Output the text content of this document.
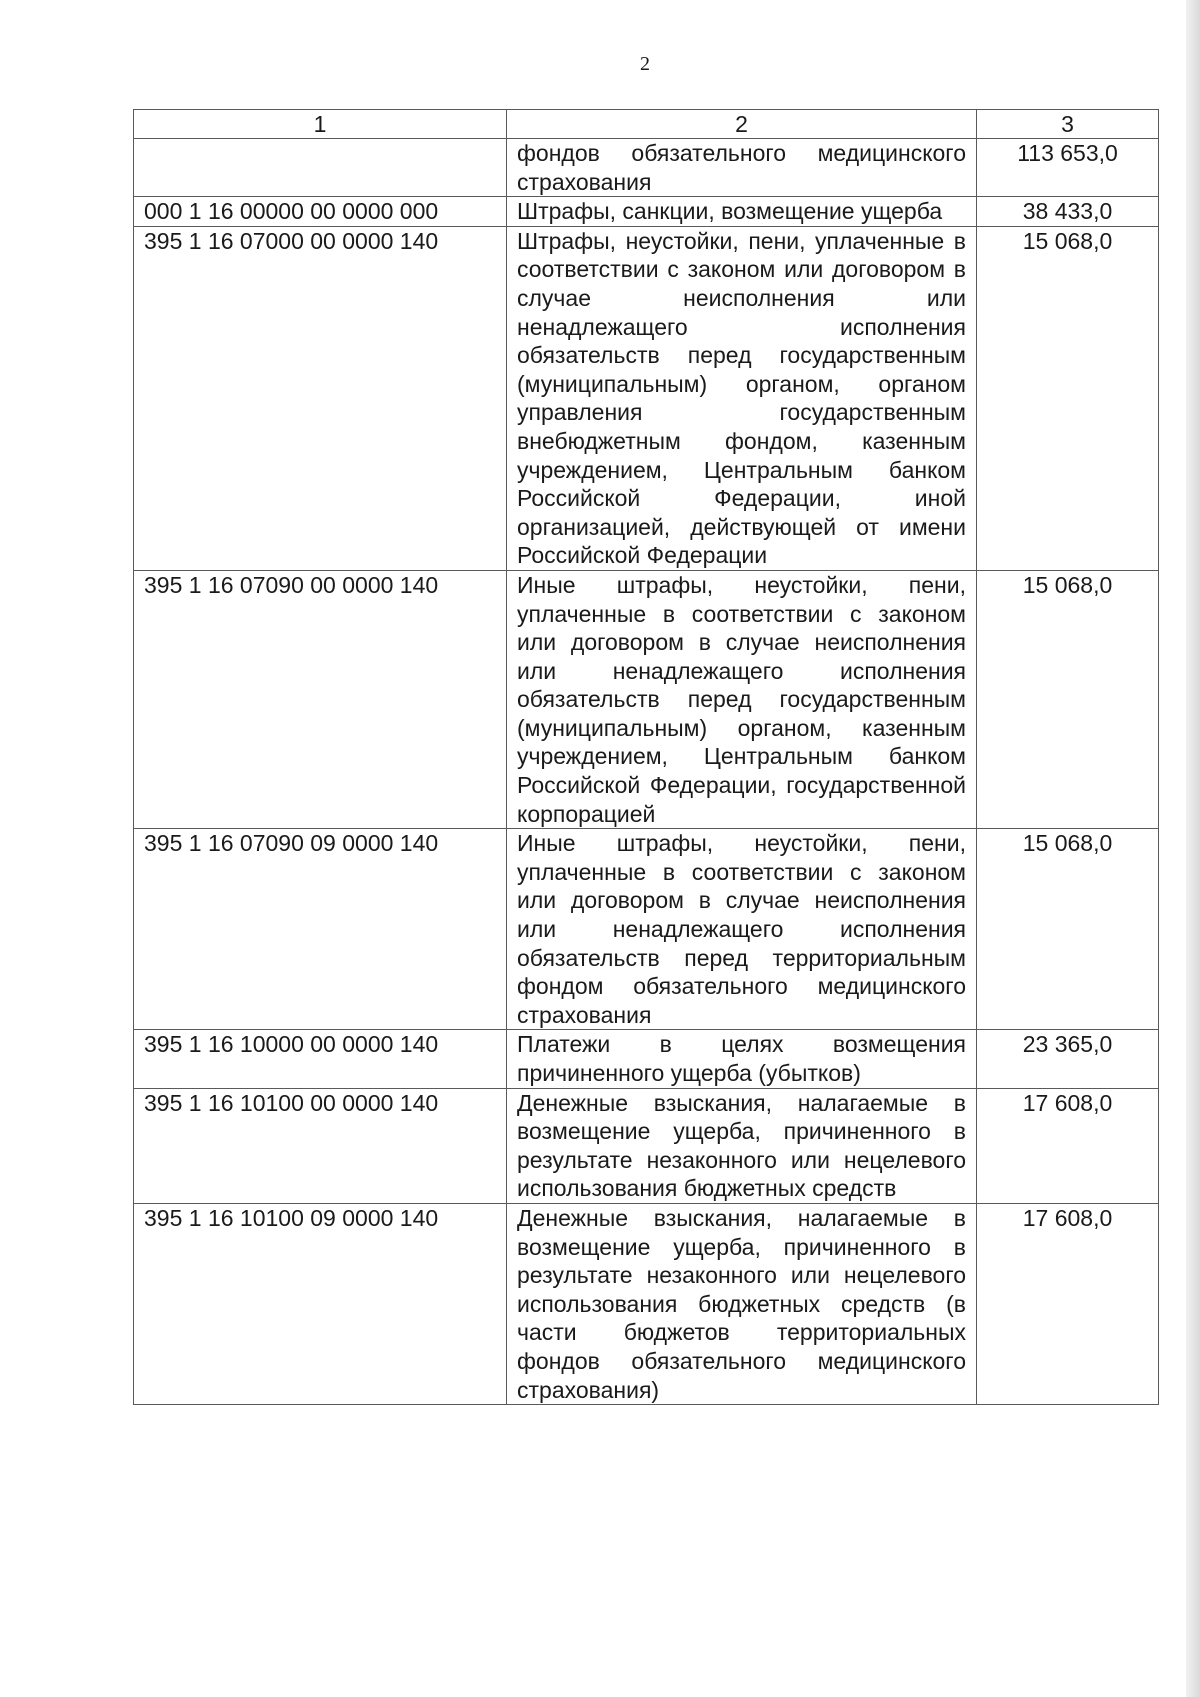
2
1	2	3
	фондов обязательного медицинского страхования	113 653,0
000 1 16 00000 00 0000 000	Штрафы, санкции, возмещение ущерба	38 433,0
395 1 16 07000 00 0000 140	Штрафы, неустойки, пени, уплаченные в соответствии с законом или договором в случае неисполнения или ненадлежащего исполнения обязательств перед государственным (муниципальным) органом, органом управления государственным внебюджетным фондом, казенным учреждением, Центральным банком Российской Федерации, иной организацией, действующей от имени Российской Федерации	15 068,0
395 1 16 07090 00 0000 140	Иные штрафы, неустойки, пени, уплаченные в соответствии с законом или договором в случае неисполнения или ненадлежащего исполнения обязательств перед государственным (муниципальным) органом, казенным учреждением, Центральным банком Российской Федерации, государственной корпорацией	15 068,0
395 1 16 07090 09 0000 140	Иные штрафы, неустойки, пени, уплаченные в соответствии с законом или договором в случае неисполнения или ненадлежащего исполнения обязательств перед территориальным фондом обязательного медицинского страхования	15 068,0
395 1 16 10000 00 0000 140	Платежи в целях возмещения причиненного ущерба (убытков)	23 365,0
395 1 16 10100 00 0000 140	Денежные взыскания, налагаемые в возмещение ущерба, причиненного в результате незаконного или нецелевого использования бюджетных средств	17 608,0
395 1 16 10100 09 0000 140	Денежные взыскания, налагаемые в возмещение ущерба, причиненного в результате незаконного или нецелевого использования бюджетных средств (в части бюджетов территориальных фондов обязательного медицинского страхования)	17 608,0
